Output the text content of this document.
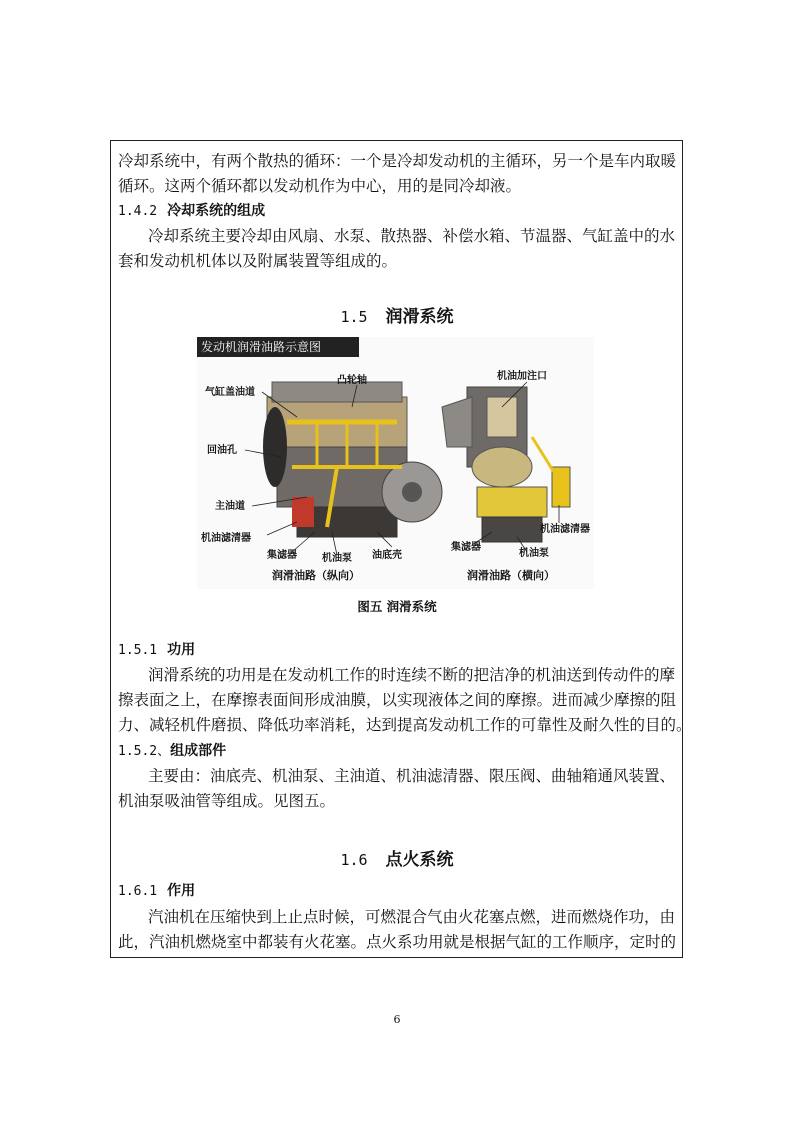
冷却系统中，有两个散热的循环：一个是冷却发动机的主循环，另一个是车内取暖
循环。这两个循环都以发动机作为中心，用的是同冷却液。
1.4.2 冷却系统的组成
冷却系统主要冷却由风扇、水泵、散热器、补偿水箱、节温器、气缸盖中的水
套和发动机机体以及附属装置等组成的。
1.5 润滑系统
发动机润滑油路示意图
凸轮轴
气缸盖油道
回油孔
主油道
机油滤清器
集滤器	机油泵 油底壳
润滑油路（纵向）
机油加注口
机油滤清器
集滤器
机油泵
润滑油路（横向）
图五 润滑系统
1.5.1 功用
润滑系统的功用是在发动机工作的时连续不断的把洁净的机油送到传动件的摩
擦表面之上，在摩擦表面间形成油膜，以实现液体之间的摩擦。进而减少摩擦的阻
力、减轻机件磨损、降低功率消耗，达到提高发动机工作的可靠性及耐久性的目的。
1.5.2、组成部件
主要由：油底壳、机油泵、主油道、机油滤清器、限压阀、曲轴箱通风装置、
机油泵吸油管等组成。见图五。
1.6 点火系统
1.6.1 作用
汽油机在压缩快到上止点时候，可燃混合气由火花塞点燃，进而燃烧作功，由
此，汽油机燃烧室中都装有火花塞。点火系功用就是根据气缸的工作顺序，定时的
6
